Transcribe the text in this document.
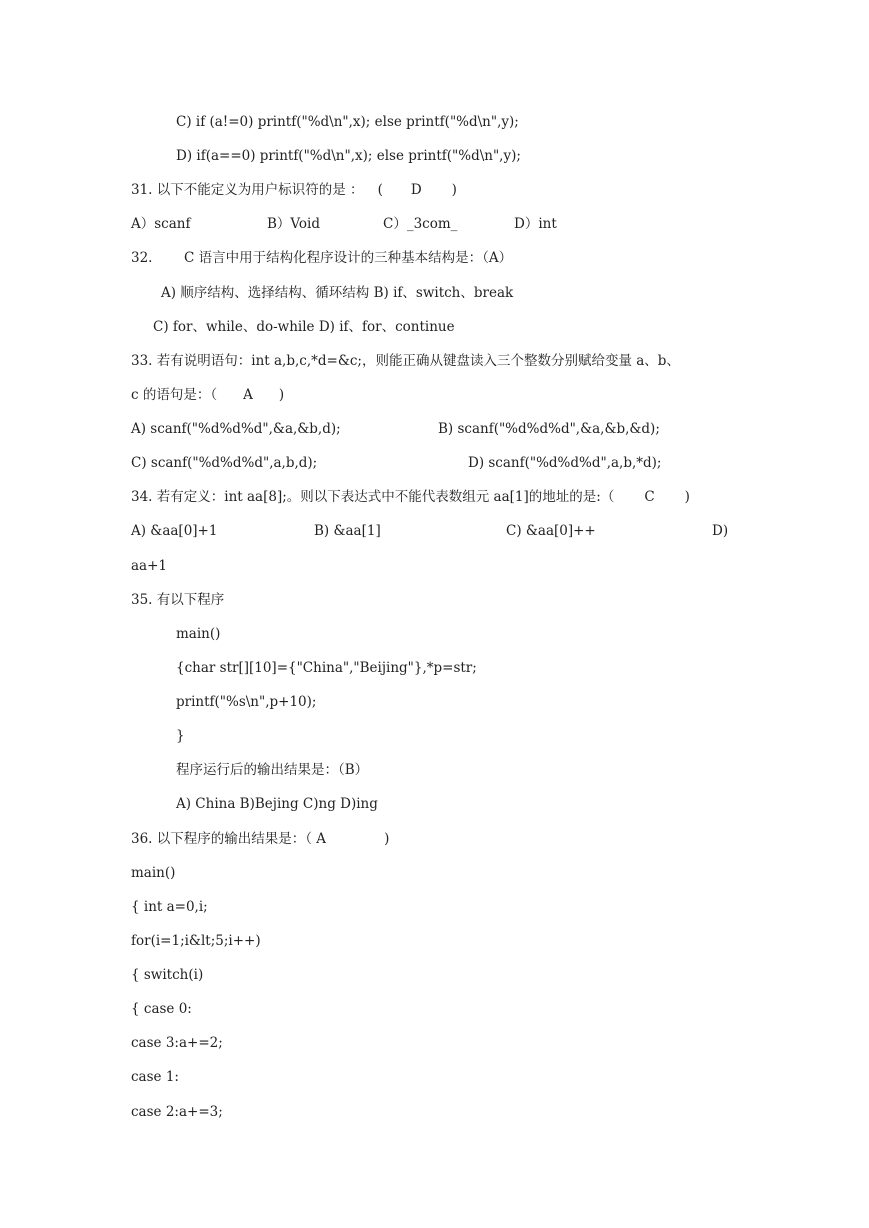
C) if (a!=0) printf("%d\n",x); else printf("%d\n",y);
D) if(a==0) printf("%d\n",x); else printf("%d\n",y);
31. 以下不能定义为用户标识符的是 ： ( D )
A）scanf	B）Void	C）_3com_	D）int
32. C 语言中用于结构化程序设计的三种基本结构是：（A）
A) 顺序结构、选择结构、循环结构 B) if、switch、break
C) for、while、do-while D) if、for、continue
33. 若有说明语句：int a,b,c,*d=&c;，则能正确从键盘读入三个整数分别赋给变量 a、b、
c 的语句是：（ A )
A) scanf("%d%d%d",&a,&b,d);	B) scanf("%d%d%d",&a,&b,&d);
C) scanf("%d%d%d",a,b,d);	D) scanf("%d%d%d",a,b,*d);
34. 若有定义：int aa[8];。则以下表达式中不能代表数组元 aa[1]的地址的是:（ C )
A) &aa[0]+1	B) &aa[1]	C) &aa[0]++	D)
aa+1
35. 有以下程序
main()
{char str[][10]={"China","Beijing"},*p=str;
printf("%s\n",p+10);
}
程序运行后的输出结果是：（B）
A) China B)Bejing C)ng D)ing
36. 以下程序的输出结果是：（ A	)
main()
{ int a=0,i;
for(i=1;i&lt;5;i++)
{ switch(i)
{ case 0:
case 3:a+=2;
case 1:
case 2:a+=3;
